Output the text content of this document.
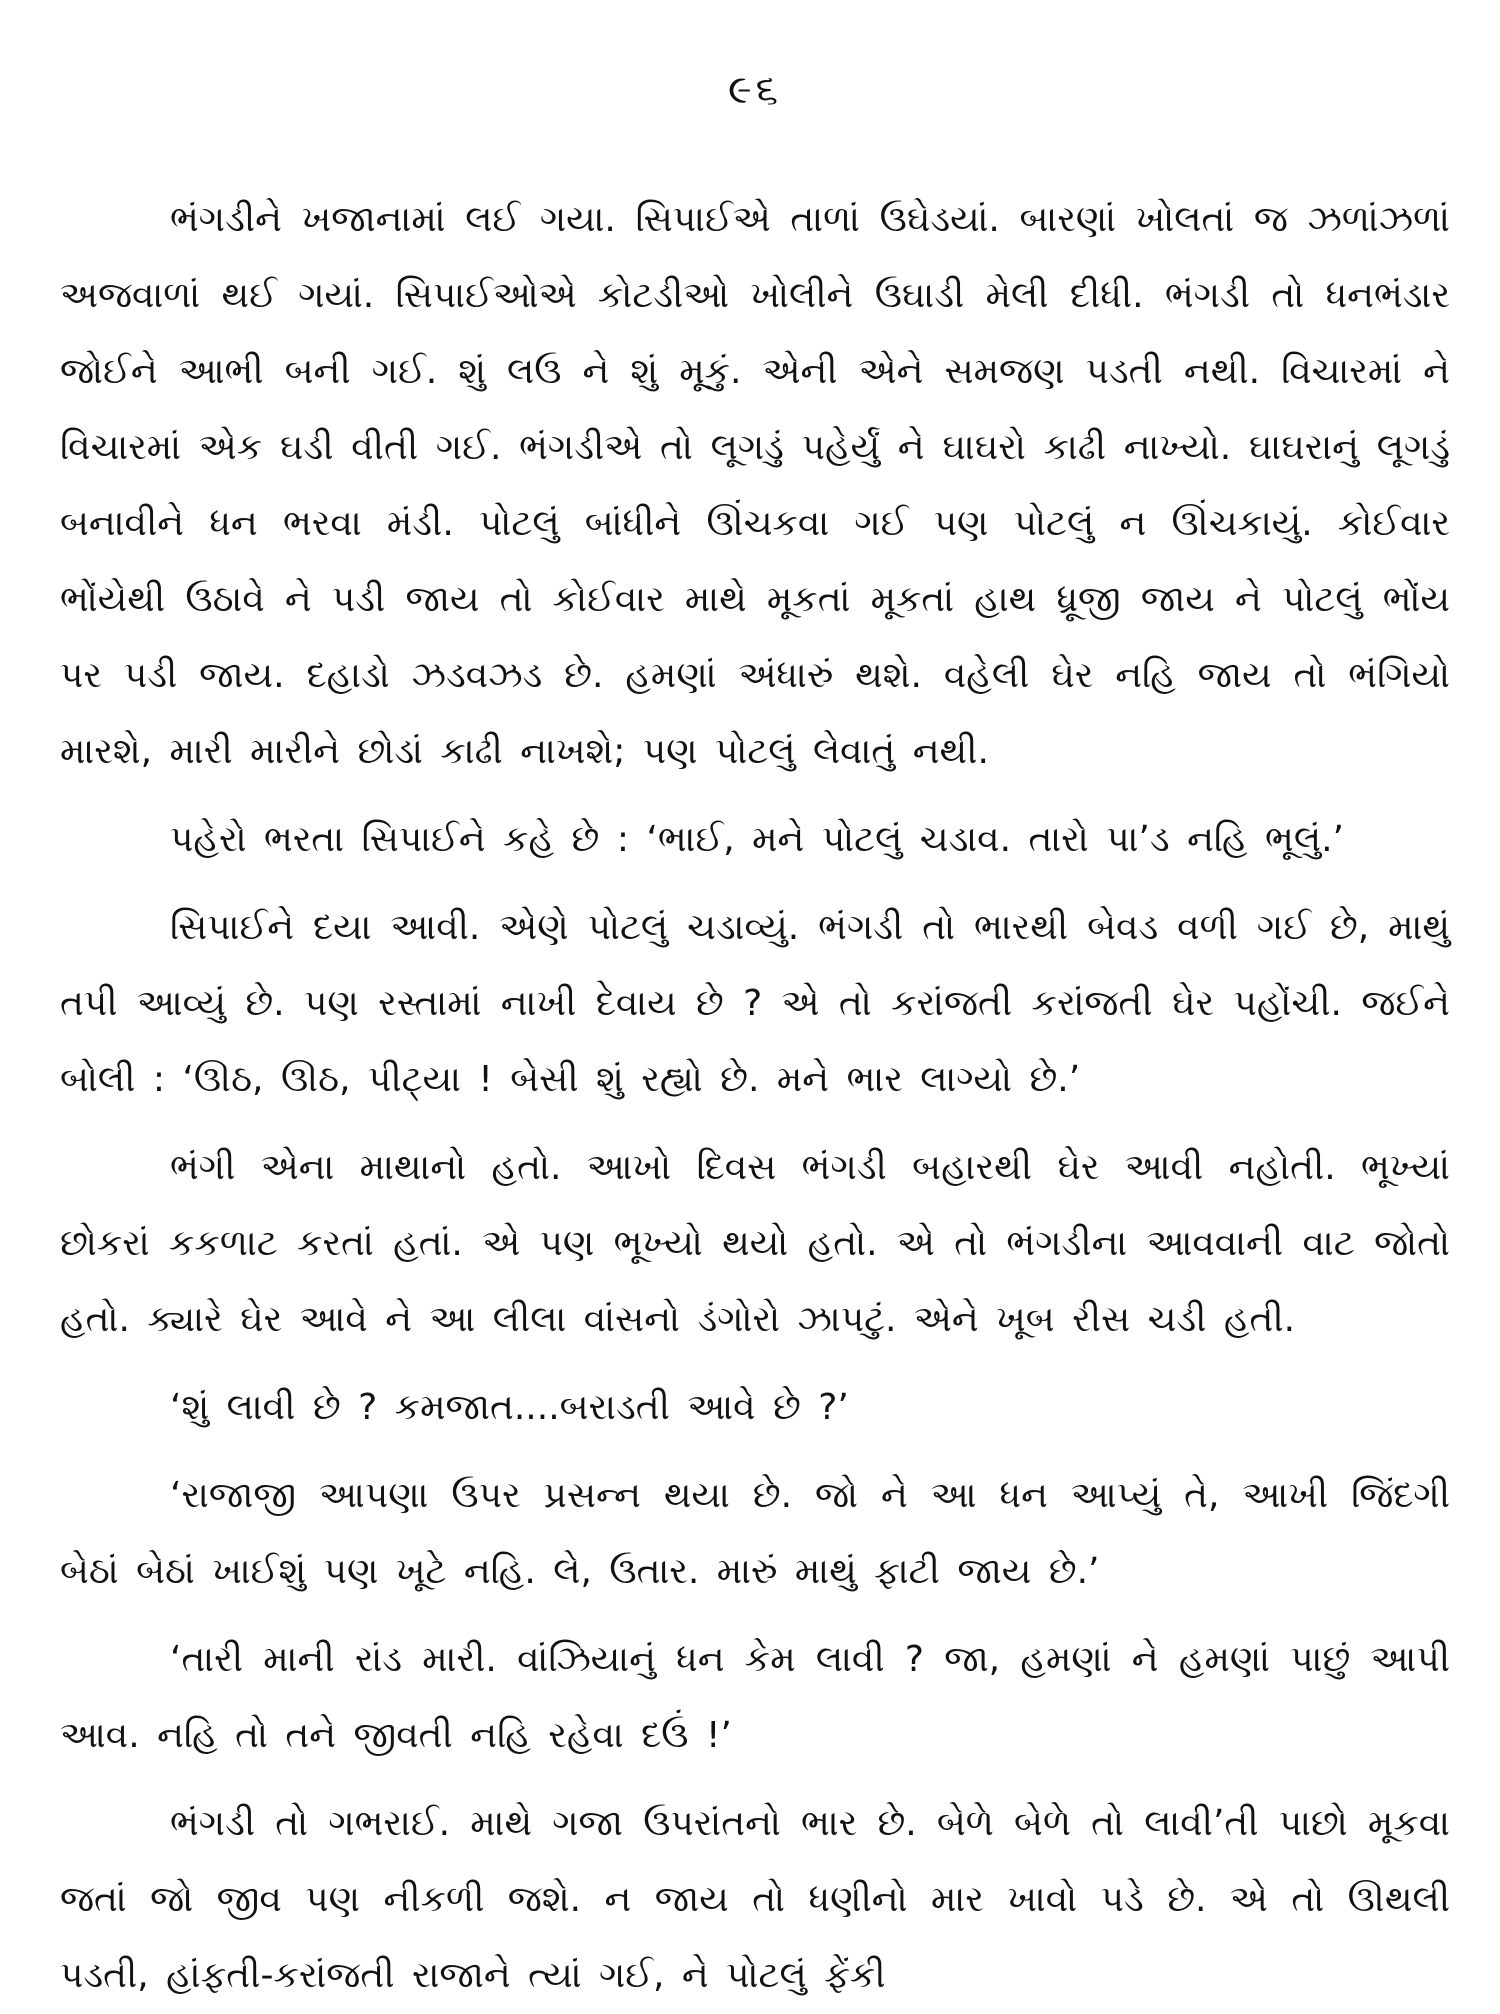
૯૬

ભંગડીને ખજાનામાં લઈ ગયા. સિપાઈએ તાળાં ઉઘેડયાં. બારણાં ખોલતાં જ ઝળાંઝળાં અજવાળાં થઈ ગયાં. સિપાઈઓએ કોટડીઓ ખોલીને ઉઘાડી મેલી દીધી. ભંગડી તો ધનભંડાર જોઈને આભી બની ગઈ. શું લઉ ને શું મૂકું. એની એને સમજણ પડતી નથી. વિચારમાં ને વિચારમાં એક ઘડી વીતી ગઈ. ભંગડીએ તો લૂગડું પહેર્યું ને ઘાઘરો કાઢી નાખ્યો. ઘાઘરાનું લૂગડું બનાવીને ધન ભરવા મંડી. પોટલું બાંધીને ઊંચકવા ગઈ પણ પોટલું ન ઊંચકાયું. કોઈવાર ભોંયેથી ઉઠાવે ને પડી જાય તો કોઈવાર માથે મૂકતાં મૂકતાં હાથ ધ્રૂજી જાય ને પોટલું ભોંય પર પડી જાય. દહાડો ઝડવઝડ છે. હમણાં અંધારું થશે. વહેલી ઘેર નહિ જાય તો ભંગિયો મારશે, મારી મારીને છોડાં કાઢી નાખશે; પણ પોટલું લેવાતું નથી.

પહેરો ભરતા સિપાઈને કહે છે : ‘ભાઈ, મને પોટલું ચડાવ. તારો પા’ડ નહિ ભૂલું.’

સિપાઈને દયા આવી. એણે પોટલું ચડાવ્યું. ભંગડી તો ભારથી બેવડ વળી ગઈ છે, માથું તપી આવ્યું છે. પણ રસ્તામાં નાખી દેવાય છે ? એ તો કરાંજતી કરાંજતી ઘેર પહોંચી. જઈને બોલી : ‘ઊઠ, ઊઠ, પીટ્યા ! બેસી શું રહ્યો છે. મને ભાર લાગ્યો છે.’

ભંગી એના માથાનો હતો. આખો દિવસ ભંગડી બહારથી ઘેર આવી નહોતી. ભૂખ્યાં છોકરાં કકળાટ કરતાં હતાં. એ પણ ભૂખ્યો થયો હતો. એ તો ભંગડીના આવવાની વાટ જોતો હતો. ક્યારે ઘેર આવે ને આ લીલા વાંસનો ડંગોરો ઝાપટું. એને ખૂબ રીસ ચડી હતી.

‘શું લાવી છે ? કમજાત....બરાડતી આવે છે ?’

‘રાજાજી આપણા ઉપર પ્રસન્ન થયા છે. જો ને આ ધન આપ્યું તે, આખી જિંદગી બેઠાં બેઠાં ખાઈશું પણ ખૂટે નહિ. લે, ઉતાર. મારું માથું ફાટી જાય છે.’

‘તારી માની રાંડ મારી. વાંઝિયાનું ધન કેમ લાવી ? જા, હમણાં ને હમણાં પાછું આપી આવ. નહિ તો તને જીવતી નહિ રહેવા દઉં !’

ભંગડી તો ગભરાઈ. માથે ગજા ઉપરાંતનો ભાર છે. બેળે બેળે તો લાવી’તી પાછો મૂકવા જતાં જો જીવ પણ નીકળી જશે. ન જાય તો ધણીનો માર ખાવો પડે છે. એ તો ઊથલી પડતી, હાંફતી-કરાંજતી રાજાને ત્યાં ગઈ, ને પોટલું ફેંકી
